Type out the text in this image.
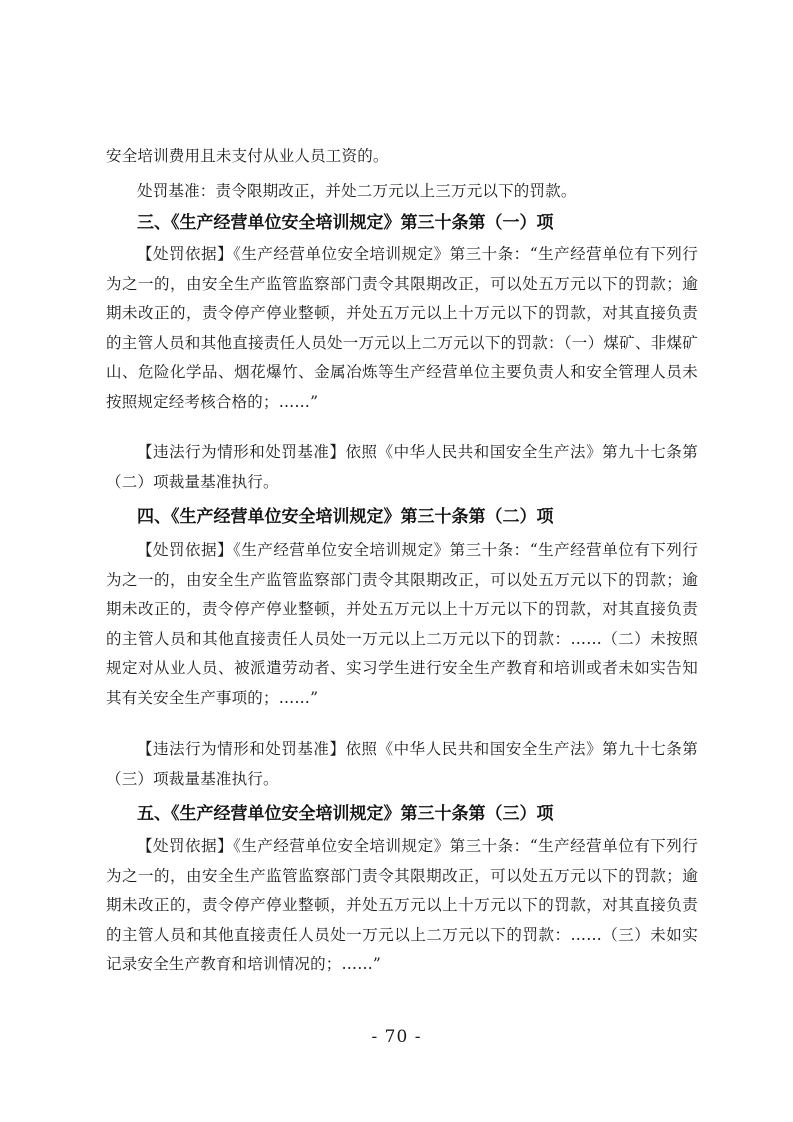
安全培训费用且未支付从业人员工资的。

处罚基准：责令限期改正，并处二万元以上三万元以下的罚款。

三、《生产经营单位安全培训规定》第三十条第（一）项

【处罚依据】《生产经营单位安全培训规定》第三十条：“生产经营单位有下列行为之一的，由安全生产监管监察部门责令其限期改正，可以处五万元以下的罚款；逾期未改正的，责令停产停业整顿，并处五万元以上十万元以下的罚款，对其直接负责的主管人员和其他直接责任人员处一万元以上二万元以下的罚款：（一）煤矿、非煤矿山、危险化学品、烟花爆竹、金属冶炼等生产经营单位主要负责人和安全管理人员未按照规定经考核合格的；……”

【违法行为情形和处罚基准】依照《中华人民共和国安全生产法》第九十七条第（二）项裁量基准执行。

四、《生产经营单位安全培训规定》第三十条第（二）项

【处罚依据】《生产经营单位安全培训规定》第三十条：“生产经营单位有下列行为之一的，由安全生产监管监察部门责令其限期改正，可以处五万元以下的罚款；逾期未改正的，责令停产停业整顿，并处五万元以上十万元以下的罚款，对其直接负责的主管人员和其他直接责任人员处一万元以上二万元以下的罚款：……（二）未按照规定对从业人员、被派遣劳动者、实习学生进行安全生产教育和培训或者未如实告知其有关安全生产事项的；……”

【违法行为情形和处罚基准】依照《中华人民共和国安全生产法》第九十七条第（三）项裁量基准执行。

五、《生产经营单位安全培训规定》第三十条第（三）项

【处罚依据】《生产经营单位安全培训规定》第三十条：“生产经营单位有下列行为之一的，由安全生产监管监察部门责令其限期改正，可以处五万元以下的罚款；逾期未改正的，责令停产停业整顿，并处五万元以上十万元以下的罚款，对其直接负责的主管人员和其他直接责任人员处一万元以上二万元以下的罚款：……（三）未如实记录安全生产教育和培训情况的；……”

- 70 -
